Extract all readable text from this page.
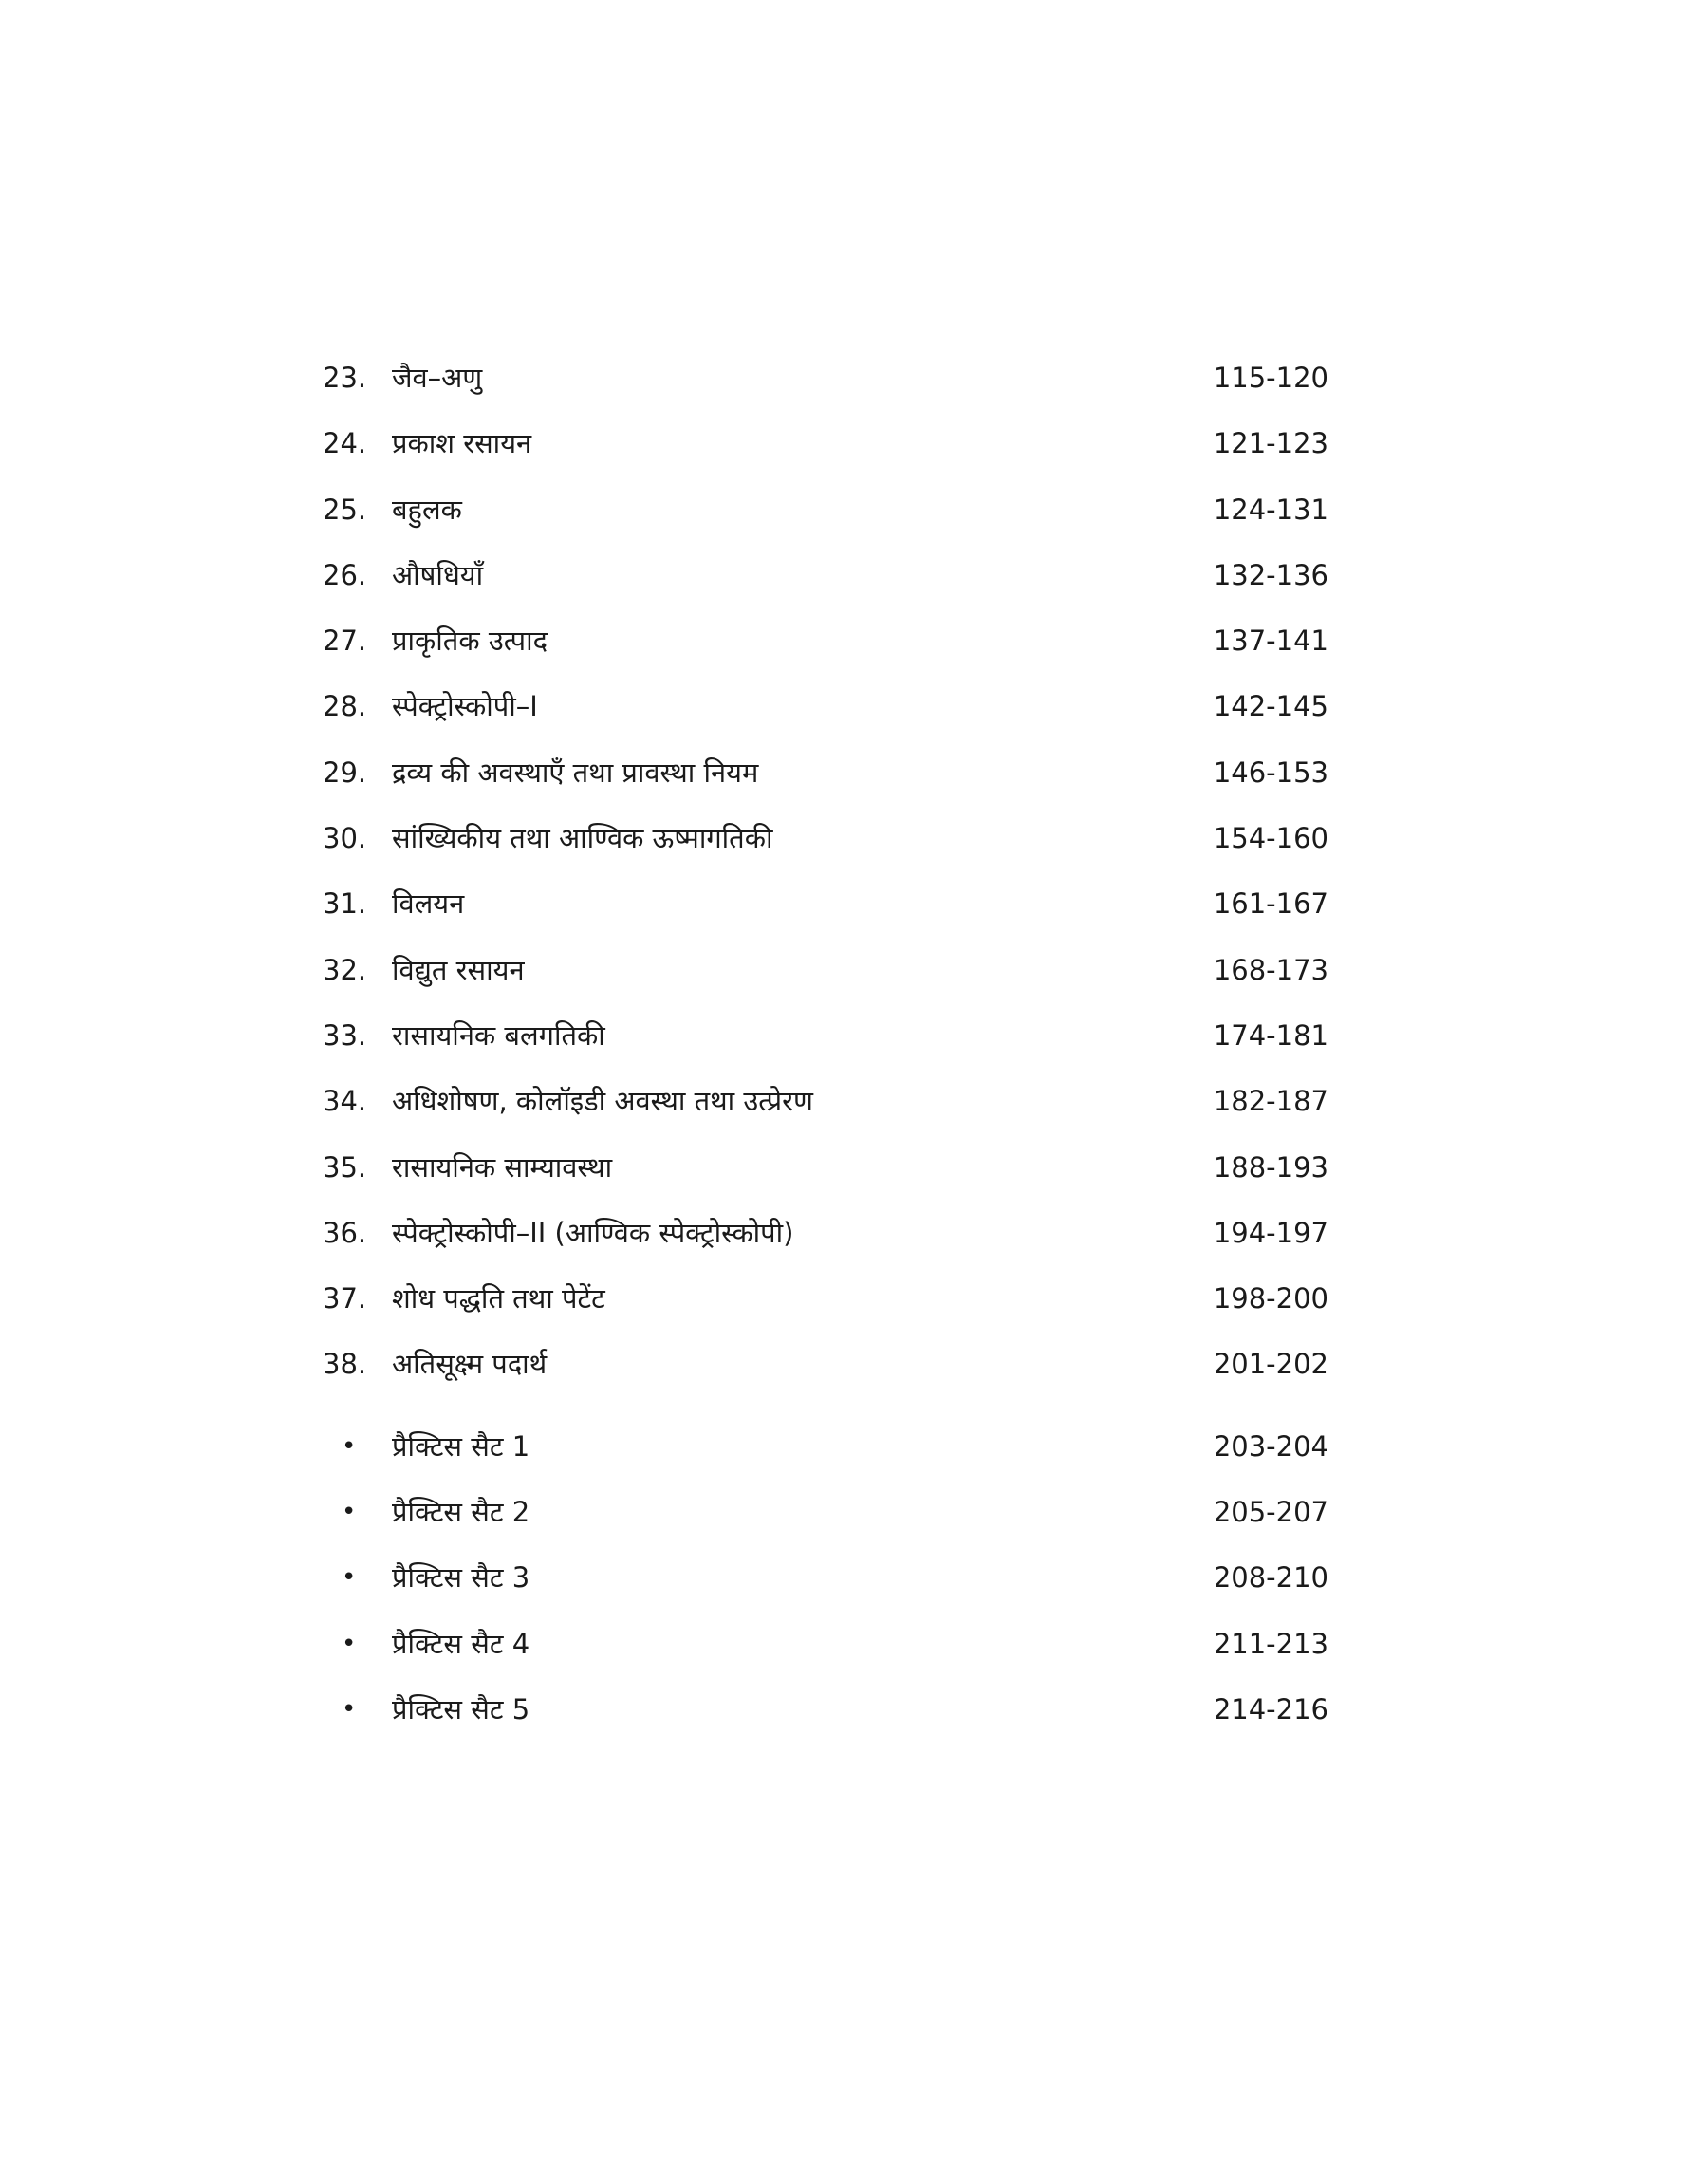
23. जैव–अणु	115-120
24. प्रकाश रसायन	121-123
25. बहुलक	124-131
26. औषधियाँ	132-136
27. प्राकृतिक उत्पाद	137-141
28. स्पेक्ट्रोस्कोपी–I	142-145
29. द्रव्य की अवस्थाएँ तथा प्रावस्था नियम	146-153
30. सांख्यिकीय तथा आण्विक ऊष्मागतिकी	154-160
31. विलयन	161-167
32. विद्युत रसायन	168-173
33. रासायनिक बलगतिकी	174-181
34. अधिशोषण, कोलॉइडी अवस्था तथा उत्प्रेरण	182-187
35. रासायनिक साम्यावस्था	188-193
36. स्पेक्ट्रोस्कोपी–II (आण्विक स्पेक्ट्रोस्कोपी)	194-197
37. शोध पद्धति तथा पेटेंट	198-200
38. अतिसूक्ष्म पदार्थ	201-202
• प्रैक्टिस सैट 1	203-204
• प्रैक्टिस सैट 2	205-207
• प्रैक्टिस सैट 3	208-210
• प्रैक्टिस सैट 4	211-213
• प्रैक्टिस सैट 5	214-216
